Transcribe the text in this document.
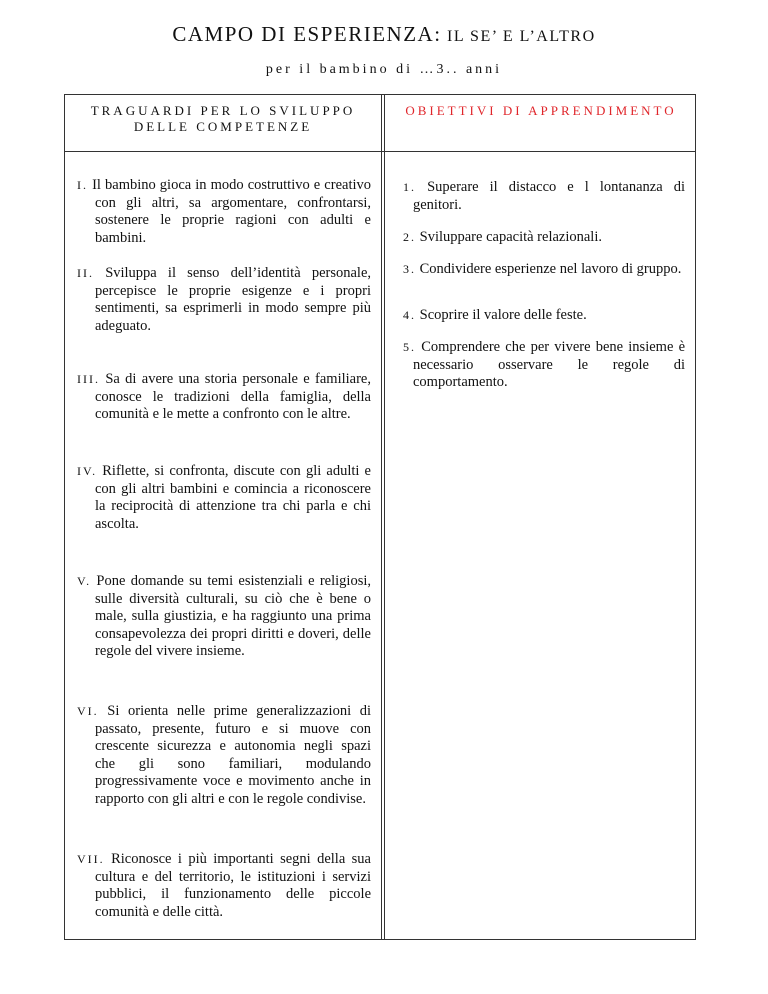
CAMPO DI ESPERIENZA: IL SE’ E L’ALTRO
per il bambino di …3.. anni
TRAGUARDI PER LO SVILUPPO DELLE COMPETENZE
OBIETTIVI DI APPRENDIMENTO
I. Il bambino gioca in modo costruttivo e creativo con gli altri, sa argomentare, confrontarsi, sostenere le proprie ragioni con adulti e bambini.
II. Sviluppa il senso dell’identità personale, percepisce le proprie esigenze e i propri sentimenti, sa esprimerli in modo sempre più adeguato.
III. Sa di avere una storia personale e familiare, conosce le tradizioni della famiglia, della comunità e le mette a confronto con le altre.
IV. Riflette, si confronta, discute con gli adulti e con gli altri bambini e comincia a riconoscere la reciprocità di attenzione tra chi parla e chi ascolta.
V. Pone domande su temi esistenziali e religiosi, sulle diversità culturali, su ciò che è bene o male, sulla giustizia, e ha raggiunto una prima consapevolezza dei propri diritti e doveri, delle regole del vivere insieme.
VI. Si orienta nelle prime generalizzazioni di passato, presente, futuro e si muove con crescente sicurezza e autonomia negli spazi che gli sono familiari, modulando progressivamente voce e movimento anche in rapporto con gli altri e con le regole condivise.
VII. Riconosce i più importanti segni della sua cultura e del territorio, le istituzioni i servizi pubblici, il funzionamento delle piccole comunità e delle città.
1. Superare il distacco e l lontananza di genitori.
2. Sviluppare capacità relazionali.
3. Condividere esperienze nel lavoro di gruppo.
4. Scoprire il valore delle feste.
5. Comprendere che per vivere bene insieme è necessario osservare le regole di comportamento.
